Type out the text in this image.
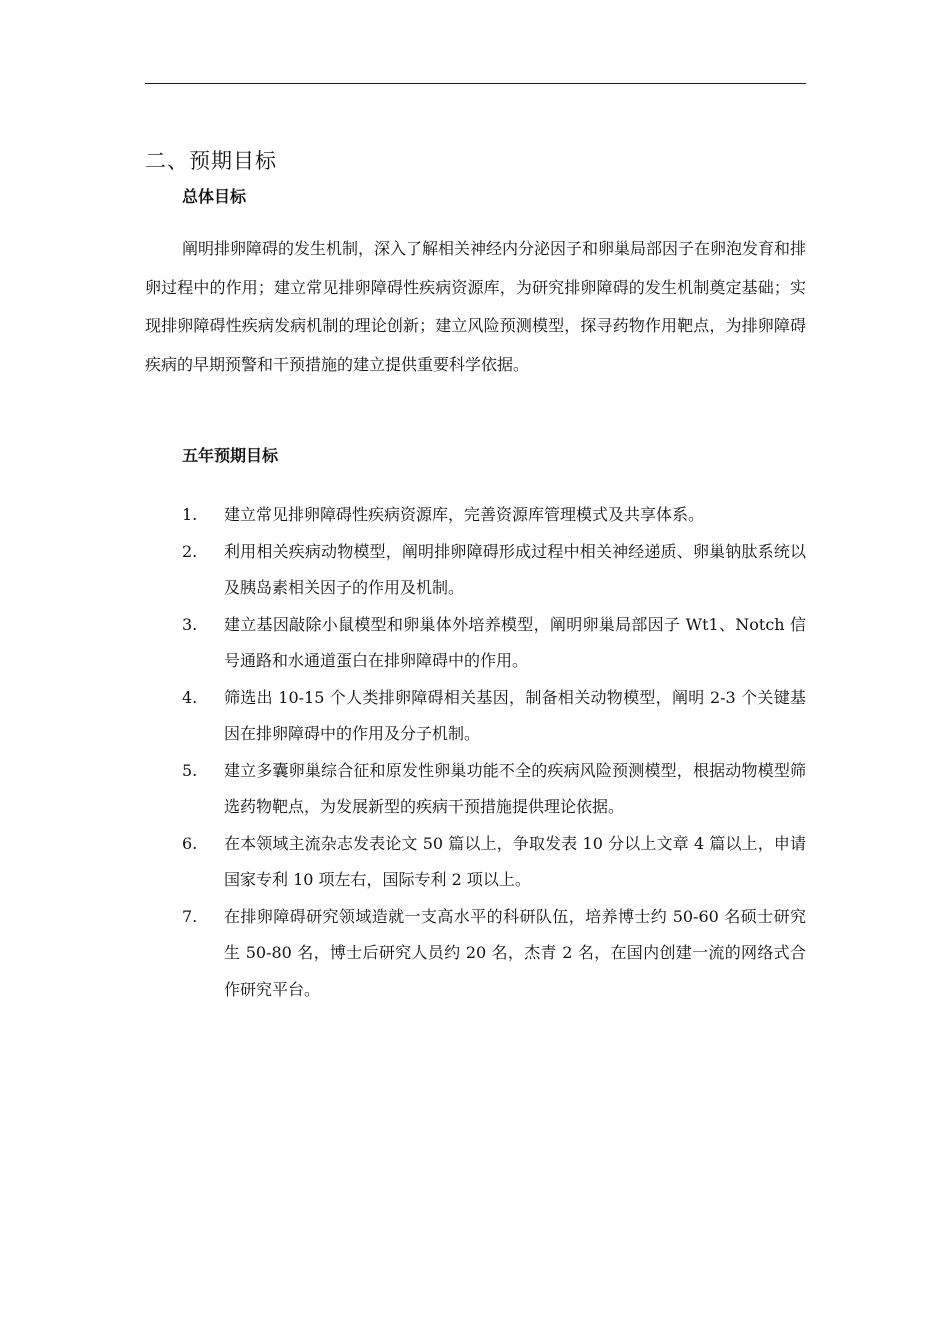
二、预期目标
总体目标

阐明排卵障碍的发生机制，深入了解相关神经内分泌因子和卵巢局部因子在卵泡发育和排卵过程中的作用；建立常见排卵障碍性疾病资源库，为研究排卵障碍的发生机制奠定基础；实现排卵障碍性疾病发病机制的理论创新；建立风险预测模型，探寻药物作用靶点，为排卵障碍疾病的早期预警和干预措施的建立提供重要科学依据。

五年预期目标
1.	建立常见排卵障碍性疾病资源库，完善资源库管理模式及共享体系。
2.	利用相关疾病动物模型，阐明排卵障碍形成过程中相关神经递质、卵巢钠肽系统以及胰岛素相关因子的作用及机制。
3.	建立基因敲除小鼠模型和卵巢体外培养模型，阐明卵巢局部因子 Wt1、Notch 信号通路和水通道蛋白在排卵障碍中的作用。
4.	筛选出 10-15 个人类排卵障碍相关基因，制备相关动物模型，阐明 2-3 个关键基因在排卵障碍中的作用及分子机制。
5.	建立多囊卵巢综合征和原发性卵巢功能不全的疾病风险预测模型，根据动物模型筛选药物靶点，为发展新型的疾病干预措施提供理论依据。
6.	在本领域主流杂志发表论文 50 篇以上，争取发表 10 分以上文章 4 篇以上，申请国家专利 10 项左右，国际专利 2 项以上。
7.	在排卵障碍研究领域造就一支高水平的科研队伍，培养博士约 50-60 名硕士研究生 50-80 名，博士后研究人员约 20 名，杰青 2 名，在国内创建一流的网络式合作研究平台。
